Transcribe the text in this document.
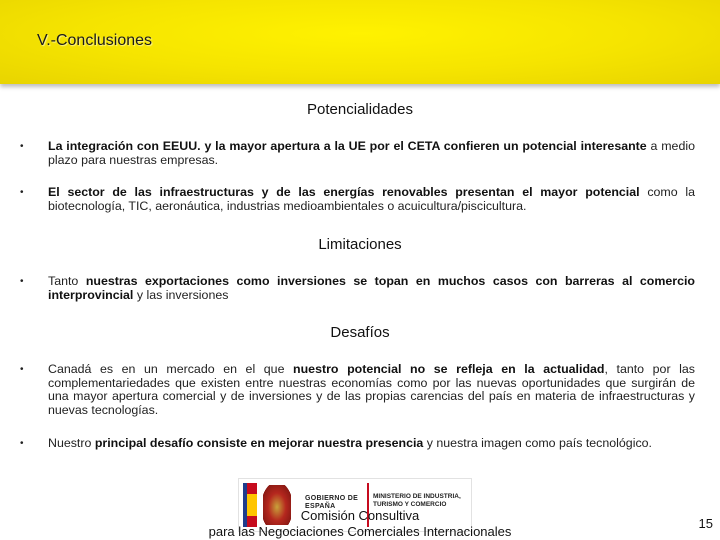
V.-Conclusiones
Potencialidades
• La integración con EEUU. y la mayor apertura a la UE por el CETA confieren un potencial interesante a medio plazo para nuestras empresas.
• El sector de las infraestructuras y de las energías renovables presentan el mayor potencial como la biotecnología, TIC, aeronáutica, industrias medioambientales o acuicultura/piscicultura.
Limitaciones
• Tanto nuestras exportaciones como inversiones se topan en muchos casos con barreras al comercio interprovincial y las inversiones
Desafíos
• Canadá es en un mercado en el que nuestro potencial no se refleja en la actualidad, tanto por las complementariedades que existen entre nuestras economías como por las nuevas oportunidades que surgirán de una mayor apertura comercial y de inversiones y de las propias carencias del país en materia de infraestructuras y nuevas tecnologías.
• Nuestro principal desafío consiste en mejorar nuestra presencia y nuestra imagen como país tecnológico.
GOBIERNO DE ESPAÑA
MINISTERIO DE INDUSTRIA, TURISMO Y COMERCIO
Comisión Consultiva
para las Negociaciones Comerciales Internacionales
15
